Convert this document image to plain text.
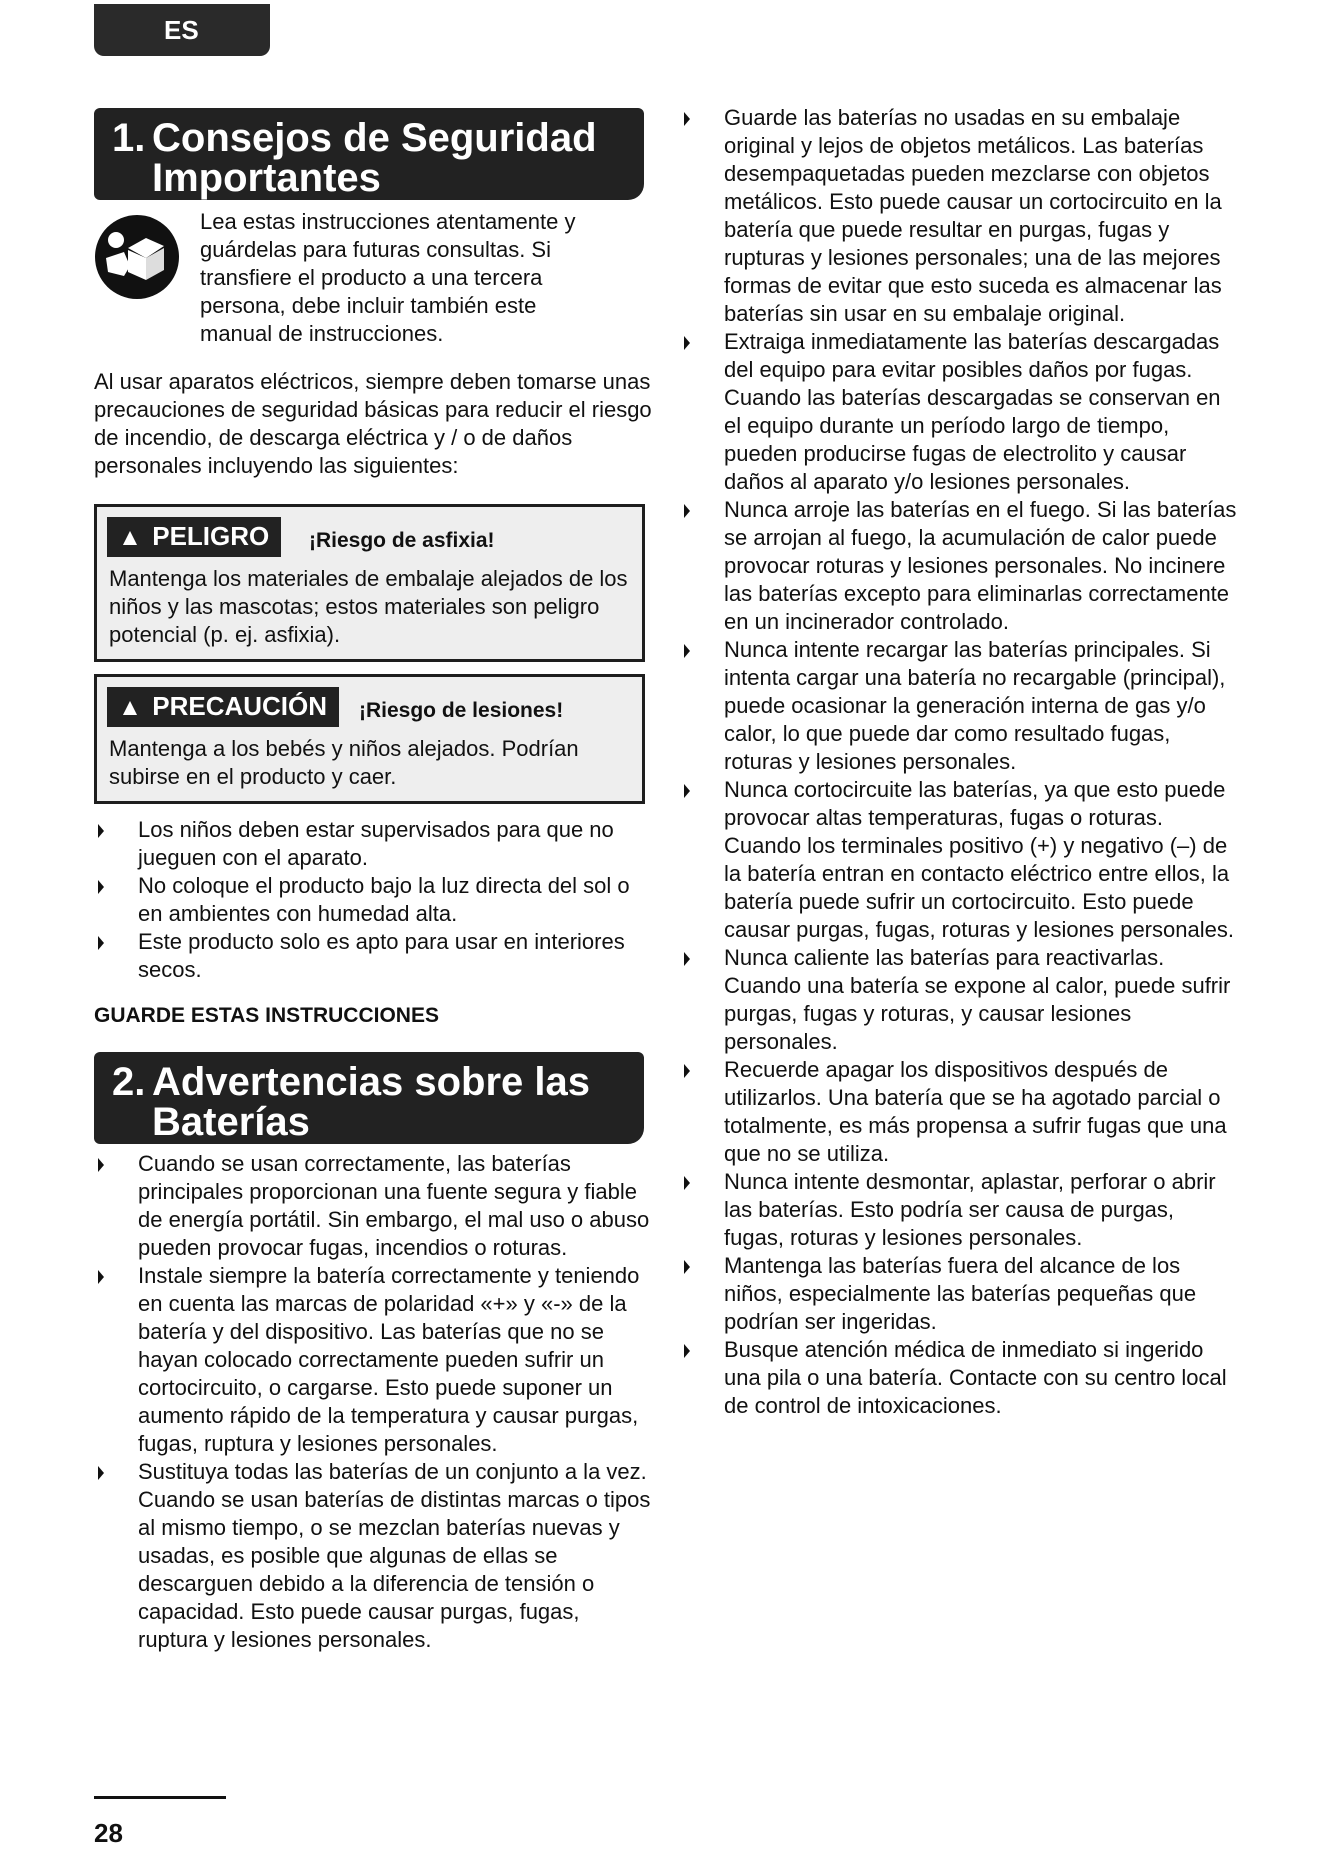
ES
1. Consejos de Seguridad
Importantes
Lea estas instrucciones atentamente y guárdelas para futuras consultas. Si transfiere el producto a una tercera persona, debe incluir también este manual de instrucciones.
Al usar aparatos eléctricos, siempre deben tomarse unas precauciones de seguridad básicas para reducir el riesgo de incendio, de descarga eléctrica y / o de daños personales incluyendo las siguientes:
▲ PELIGRO	¡Riesgo de asfixia!
Mantenga los materiales de embalaje alejados de los niños y las mascotas; estos materiales son peligro potencial (p. ej. asfixia).
▲ PRECAUCIÓN	¡Riesgo de lesiones!
Mantenga a los bebés y niños alejados. Podrían subirse en el producto y caer.
Los niños deben estar supervisados para que no jueguen con el aparato.
No coloque el producto bajo la luz directa del sol o en ambientes con humedad alta.
Este producto solo es apto para usar en interiores secos.
GUARDE ESTAS INSTRUCCIONES
2. Advertencias sobre las
Baterías
Cuando se usan correctamente, las baterías principales proporcionan una fuente segura y fiable de energía portátil. Sin embargo, el mal uso o abuso pueden provocar fugas, incendios o roturas.
Instale siempre la batería correctamente y teniendo en cuenta las marcas de polaridad «+» y «-» de la batería y del dispositivo. Las baterías que no se hayan colocado correctamente pueden sufrir un cortocircuito, o cargarse. Esto puede suponer un aumento rápido de la temperatura y causar purgas, fugas, ruptura y lesiones personales.
Sustituya todas las baterías de un conjunto a la vez. Cuando se usan baterías de distintas marcas o tipos al mismo tiempo, o se mezclan baterías nuevas y usadas, es posible que algunas de ellas se descarguen debido a la diferencia de tensión o capacidad. Esto puede causar purgas, fugas, ruptura y lesiones personales.
Guarde las baterías no usadas en su embalaje original y lejos de objetos metálicos. Las baterías desempaquetadas pueden mezclarse con objetos metálicos. Esto puede causar un cortocircuito en la batería que puede resultar en purgas, fugas y rupturas y lesiones personales; una de las mejores formas de evitar que esto suceda es almacenar las baterías sin usar en su embalaje original.
Extraiga inmediatamente las baterías descargadas del equipo para evitar posibles daños por fugas. Cuando las baterías descargadas se conservan en el equipo durante un período largo de tiempo, pueden producirse fugas de electrolito y causar daños al aparato y/o lesiones personales.
Nunca arroje las baterías en el fuego. Si las baterías se arrojan al fuego, la acumulación de calor puede provocar roturas y lesiones personales. No incinere las baterías excepto para eliminarlas correctamente en un incinerador controlado.
Nunca intente recargar las baterías principales. Si intenta cargar una batería no recargable (principal), puede ocasionar la generación interna de gas y/o calor, lo que puede dar como resultado fugas, roturas y lesiones personales.
Nunca cortocircuite las baterías, ya que esto puede provocar altas temperaturas, fugas o roturas. Cuando los terminales positivo (+) y negativo (–) de la batería entran en contacto eléctrico entre ellos, la batería puede sufrir un cortocircuito. Esto puede causar purgas, fugas, roturas y lesiones personales.
Nunca caliente las baterías para reactivarlas. Cuando una batería se expone al calor, puede sufrir purgas, fugas y roturas, y causar lesiones personales.
Recuerde apagar los dispositivos después de utilizarlos. Una batería que se ha agotado parcial o totalmente, es más propensa a sufrir fugas que una que no se utiliza.
Nunca intente desmontar, aplastar, perforar o abrir las baterías. Esto podría ser causa de purgas, fugas, roturas y lesiones personales.
Mantenga las baterías fuera del alcance de los niños, especialmente las baterías pequeñas que podrían ser ingeridas.
Busque atención médica de inmediato si ingerido una pila o una batería. Contacte con su centro local de control de intoxicaciones.
28
